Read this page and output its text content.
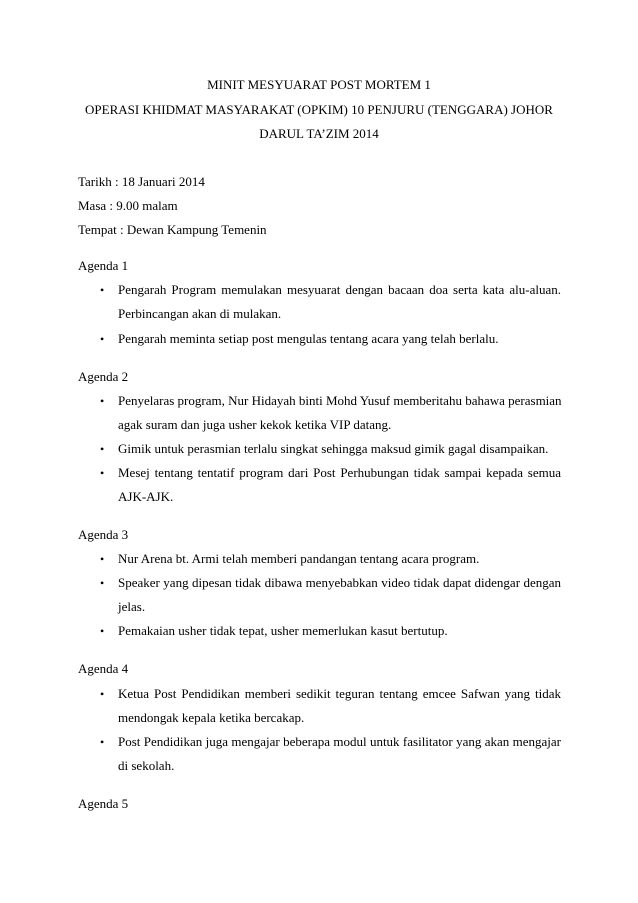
MINIT MESYUARAT POST MORTEM 1
OPERASI KHIDMAT MASYARAKAT (OPKIM) 10 PENJURU (TENGGARA) JOHOR
DARUL TA’ZIM 2014
Tarikh : 18 Januari 2014
Masa : 9.00 malam
Tempat : Dewan Kampung Temenin
Agenda 1
• Pengarah Program memulakan mesyuarat dengan bacaan doa serta kata alu-aluan.
Perbincangan akan di mulakan.
• Pengarah meminta setiap post mengulas tentang acara yang telah berlalu.
Agenda 2
• Penyelaras program, Nur Hidayah binti Mohd Yusuf memberitahu bahawa perasmian
agak suram dan juga usher kekok ketika VIP datang.
• Gimik untuk perasmian terlalu singkat sehingga maksud gimik gagal disampaikan.
• Mesej tentang tentatif program dari Post Perhubungan tidak sampai kepada semua
AJK-AJK.
Agenda 3
• Nur Arena bt. Armi telah memberi pandangan tentang acara program.
• Speaker yang dipesan tidak dibawa menyebabkan video tidak dapat didengar dengan
jelas.
• Pemakaian usher tidak tepat, usher memerlukan kasut bertutup.
Agenda 4
• Ketua Post Pendidikan memberi sedikit teguran tentang emcee Safwan yang tidak
mendongak kepala ketika bercakap.
• Post Pendidikan juga mengajar beberapa modul untuk fasilitator yang akan mengajar
di sekolah.
Agenda 5
